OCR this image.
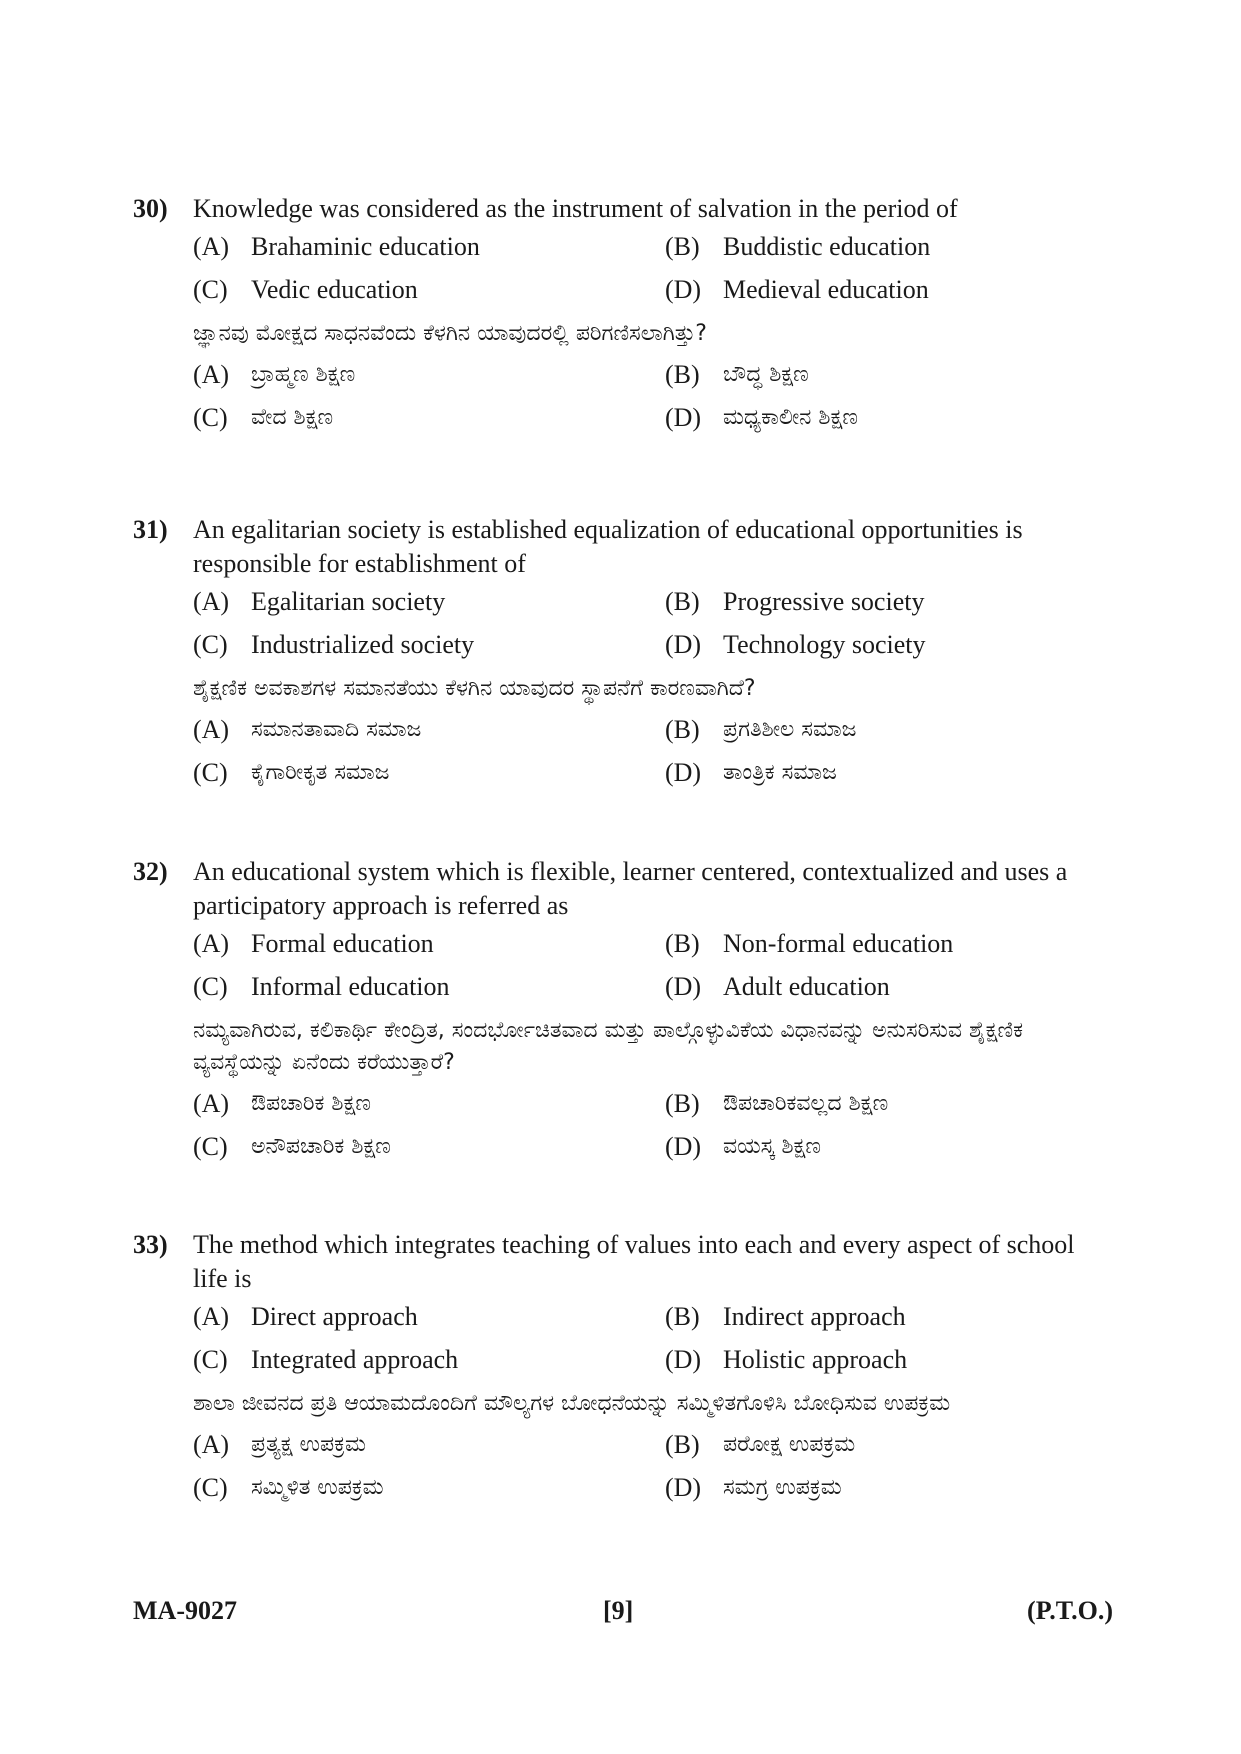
30) Knowledge was considered as the instrument of salvation in the period of
(A) Brahaminic education	(B) Buddistic education
(C) Vedic education	(D) Medieval education
ಜ್ಞಾನವು ಮೋಕ್ಷದ ಸಾಧನವೆಂದು ಕೆಳಗಿನ ಯಾವುದರಲ್ಲಿ ಪರಿಗಣಿಸಲಾಗಿತ್ತು?
(A) ಬ್ರಾಹ್ಮಣ ಶಿಕ್ಷಣ	(B)	ಬೌದ್ಧ ಶಿಕ್ಷಣ
(C)	ವೇದ ಶಿಕ್ಷಣ	(D) ಮಧ್ಯಕಾಲೀನ ಶಿಕ್ಷಣ
31) An egalitarian society is established equalization of educational opportunities is responsible for establishment of
(A) Egalitarian society	(B) Progressive society
(C) Industrialized society	(D) Technology society
ಶೈಕ್ಷಣಿಕ ಅವಕಾಶಗಳ ಸಮಾನತೆಯು ಕೆಳಗಿನ ಯಾವುದರ ಸ್ಥಾಪನೆಗೆ ಕಾರಣವಾಗಿದೆ?
(A) ಸಮಾನತಾವಾದಿ ಸಮಾಜ	(B)	ಪ್ರಗತಿಶೀಲ ಸಮಾಜ
(C)	ಕೈಗಾರೀಕೃತ ಸಮಾಜ	(D) ತಾಂತ್ರಿಕ ಸಮಾಜ
32) An educational system which is flexible, learner centered, contextualized and uses a participatory approach is referred as
(A) Formal education	(B) Non-formal education
(C) Informal education	(D) Adult education
ನಮ್ಯವಾಗಿರುವ, ಕಲಿಕಾರ್ಥಿ ಕೇಂದ್ರಿತ, ಸಂದರ್ಭೋಚಿತವಾದ ಮತ್ತು ಪಾಲ್ಗೊಳ್ಳುವಿಕೆಯ ವಿಧಾನವನ್ನು ಅನುಸರಿಸುವ ಶೈಕ್ಷಣಿಕ ವ್ಯವಸ್ಥೆಯನ್ನು ಏನೆಂದು ಕರೆಯುತ್ತಾರೆ?
(A) ಔಪಚಾರಿಕ ಶಿಕ್ಷಣ	(B)	ಔಪಚಾರಿಕವಲ್ಲದ ಶಿಕ್ಷಣ
(C)	ಅನೌಪಚಾರಿಕ ಶಿಕ್ಷಣ	(D) ವಯಸ್ಕ ಶಿಕ್ಷಣ
33) The method which integrates teaching of values into each and every aspect of school life is
(A) Direct approach	(B) Indirect approach
(C) Integrated approach	(D) Holistic approach
ಶಾಲಾ ಜೀವನದ ಪ್ರತಿ ಆಯಾಮದೊಂದಿಗೆ ಮೌಲ್ಯಗಳ ಬೋಧನೆಯನ್ನು ಸಮ್ಮಿಳಿತಗೊಳಿಸಿ ಬೋಧಿಸುವ ಉಪಕ್ರಮ
(A) ಪ್ರತ್ಯಕ್ಷ ಉಪಕ್ರಮ	(B)	ಪರೋಕ್ಷ ಉಪಕ್ರಮ
(C)	ಸಮ್ಮಿಳಿತ ಉಪಕ್ರಮ	(D) ಸಮಗ್ರ ಉಪಕ್ರಮ
MA-9027	[9]	(P.T.O.)
